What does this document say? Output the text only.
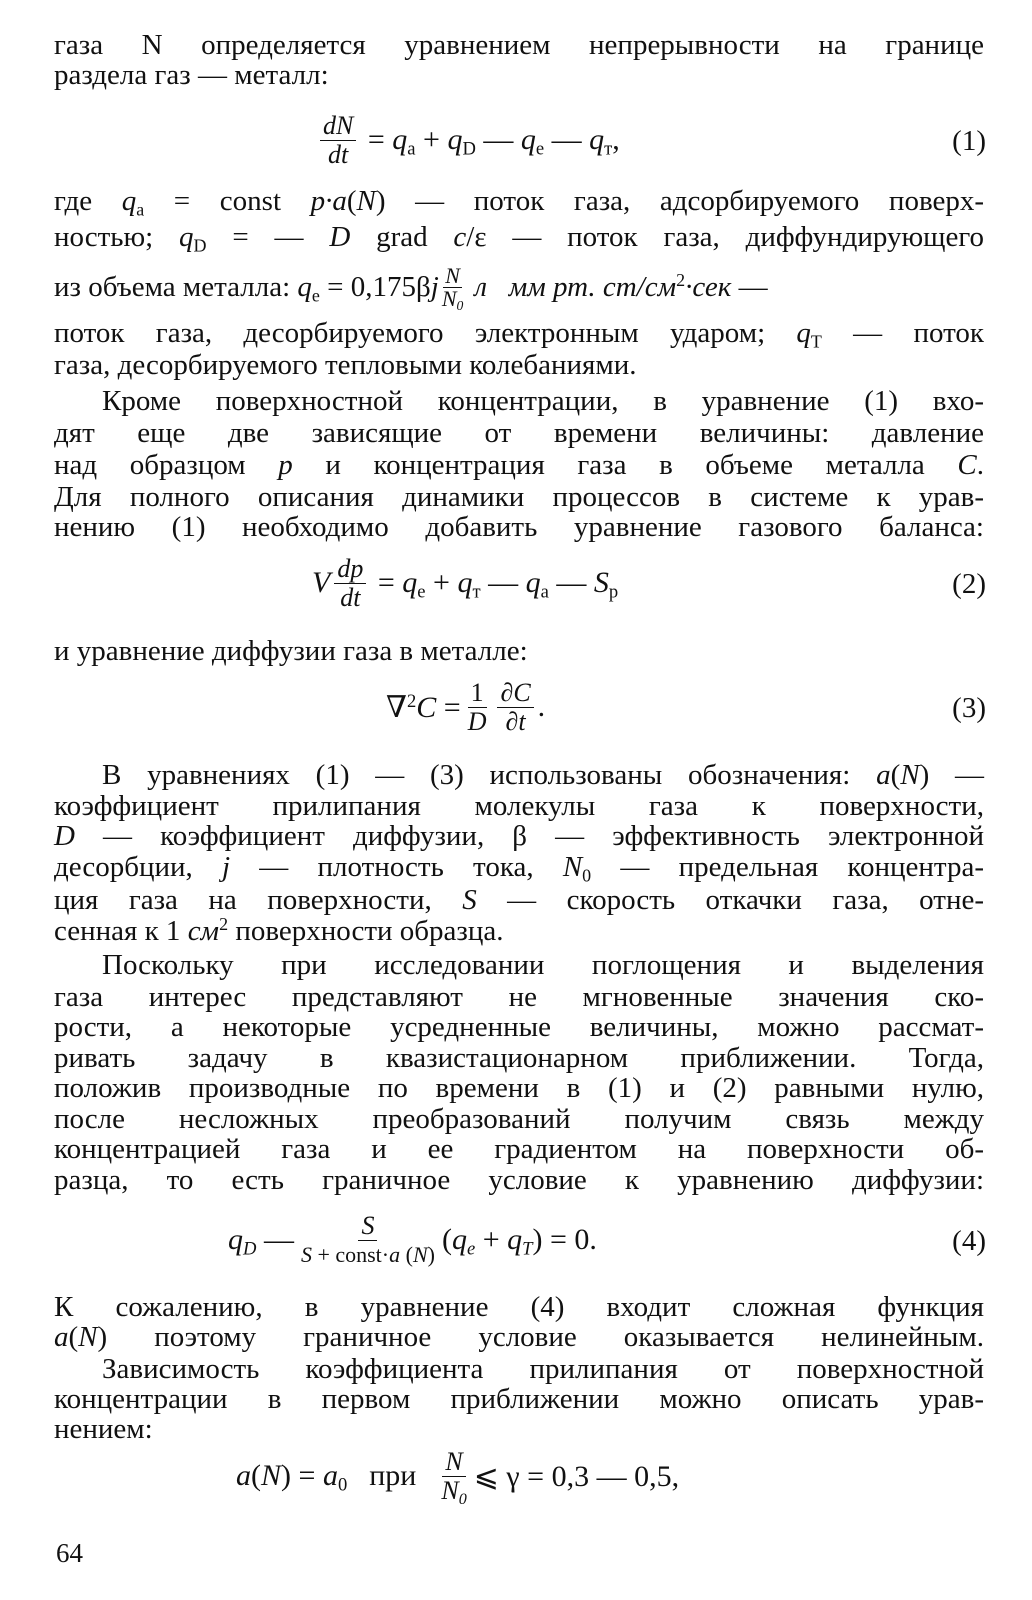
газа N определяется уравнением непрерывности на границе
раздела газ — металл:
$\frac{dN}{dt} = q_a + q_D$ — $q_e$ — $q_т$,	(1)
где $q_a$ = const p·a(N) — поток газа, адсорбируемого поверх-
ностью; $q_D$ = — D grad c/ε — поток газа, диффундирующего
из объема металла: $q_e = 0,175\beta j \frac{N}{N_0}$ л   мм рт. $ст/см^2\cdot сек$ —
поток газа, десорбируемого электронным ударом; $q_T$ — поток
газа, десорбируемого тепловыми колебаниями.
Кроме поверхностной концентрации, в уравнение (1) вхо-
дят еще две зависящие от времени величины: давление
над образцом p и концентрация газа в объеме металла C.
Для полного описания динамики процессов в системе к урав-
нению (1) необходимо добавить уравнение газового баланса:
V $\frac{dp}{dt} = q_e + q_т$ — $q_a$ — $S_p$	(2)
и уравнение диффузии газа в металле:
$\nabla^2C = \frac{1}{D} \frac{\partial C}{\partial t}$ .	(3)
В уравнениях (1) — (3) использованы обозначения: a(N) —
коэффициент прилипания молекулы газа к поверхности,
D — коэффициент диффузии, β — эффективность электронной
десорбции, j — плотность тока, $N_0$ — предельная концентра-
ция газа на поверхности, S — скорость откачки газа, отне-
сенная к 1 $см^2$ поверхности образца.
Поскольку при исследовании поглощения и выделения
газа интерес представляют не мгновенные значения ско-
рости, а некоторые усредненные величины, можно рассмат-
ривать задачу в квазистационарном приближении. Тогда,
положив производные по времени в (1) и (2) равными нулю,
после несложных преобразований получим связь между
концентрацией газа и ее градиентом на поверхности об-
разца, то есть граничное условие к уравнению диффузии:
$q_D$ — $\frac{S}{\text{S + const·a (N)}} (q_e + q_T) = 0$.	(4)
К сожалению, в уравнение (4) входит сложная функция
a(N) поэтому граничное условие оказывается нелинейным.
Зависимость коэффициента прилипания от поверхностной
концентрации в первом приближении можно описать урав-
нением:
$a(N) = a_0$ при $\frac{N}{N_0}$ ⩽ γ = 0,3 — 0,5,
64
